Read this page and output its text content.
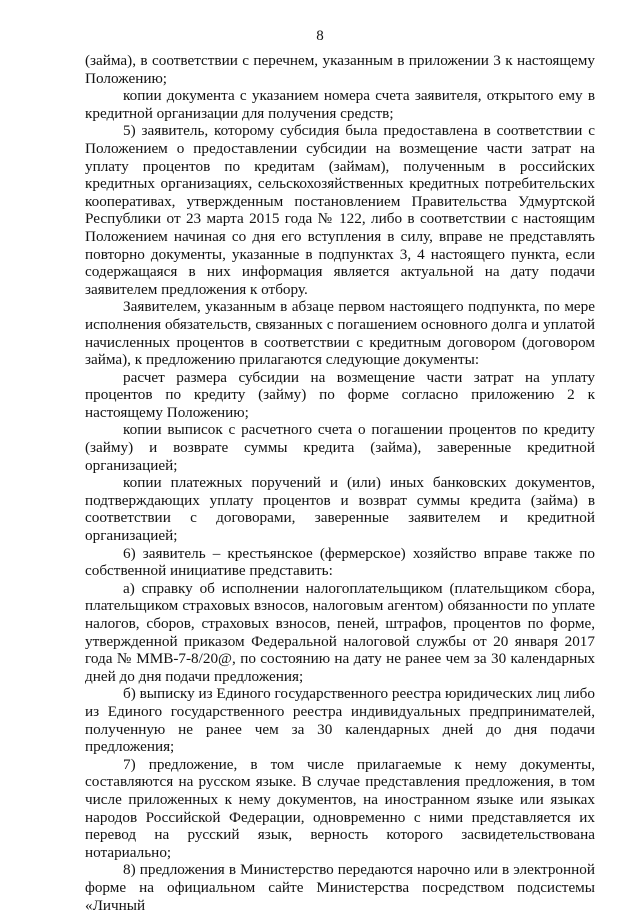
8

(займа), в соответствии с перечнем, указанным в приложении 3 к настоящему Положению;

копии документа с указанием номера счета заявителя, открытого ему в кредитной организации для получения средств;

5) заявитель, которому субсидия была предоставлена в соответствии с Положением о предоставлении субсидии на возмещение части затрат на уплату процентов по кредитам (займам), полученным в российских кредитных организациях, сельскохозяйственных кредитных потребительских кооперативах, утвержденным постановлением Правительства Удмуртской Республики от 23 марта 2015 года № 122, либо в соответствии с настоящим Положением начиная со дня его вступления в силу, вправе не представлять повторно документы, указанные в подпунктах 3, 4 настоящего пункта, если содержащаяся в них информация является актуальной на дату подачи заявителем предложения к отбору.

Заявителем, указанным в абзаце первом настоящего подпункта, по мере исполнения обязательств, связанных с погашением основного долга и уплатой начисленных процентов в соответствии с кредитным договором (договором займа), к предложению прилагаются следующие документы:

расчет размера субсидии на возмещение части затрат на уплату процентов по кредиту (займу) по форме согласно приложению 2 к настоящему Положению;

копии выписок с расчетного счета о погашении процентов по кредиту (займу) и возврате суммы кредита (займа), заверенные кредитной организацией;

копии платежных поручений и (или) иных банковских документов, подтверждающих уплату процентов и возврат суммы кредита (займа) в соответствии с договорами, заверенные заявителем и кредитной организацией;

6) заявитель – крестьянское (фермерское) хозяйство вправе также по собственной инициативе представить:

а) справку об исполнении налогоплательщиком (плательщиком сбора, плательщиком страховых взносов, налоговым агентом) обязанности по уплате налогов, сборов, страховых взносов, пеней, штрафов, процентов по форме, утвержденной приказом Федеральной налоговой службы от 20 января 2017 года № ММВ-7-8/20@, по состоянию на дату не ранее чем за 30 календарных дней до дня подачи предложения;

б) выписку из Единого государственного реестра юридических лиц либо из Единого государственного реестра индивидуальных предпринимателей, полученную не ранее чем за 30 календарных дней до дня подачи предложения;

7) предложение, в том числе прилагаемые к нему документы, составляются на русском языке. В случае представления предложения, в том числе приложенных к нему документов, на иностранном языке или языках народов Российской Федерации, одновременно с ними представляется их перевод на русский язык, верность которого засвидетельствована нотариально;

8) предложения в Министерство передаются нарочно или в электронной форме на официальном сайте Министерства посредством подсистемы «Личный
